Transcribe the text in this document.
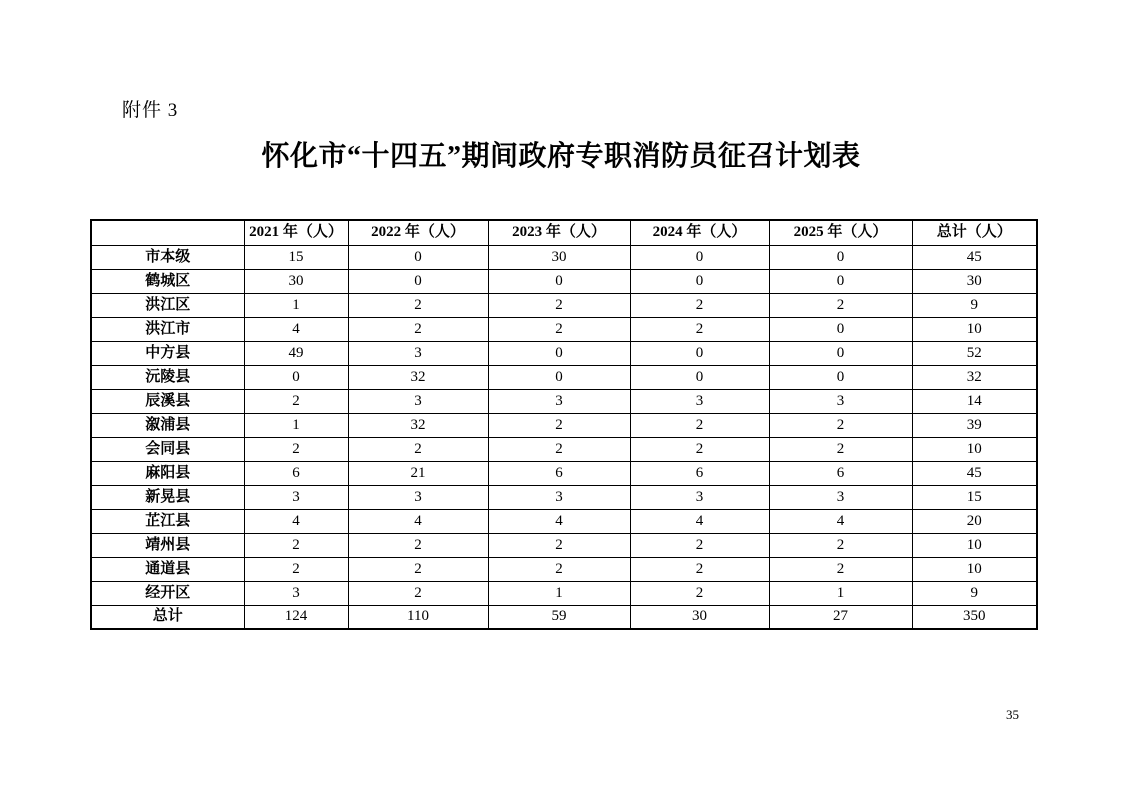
附件 3
怀化市“十四五”期间政府专职消防员征召计划表
	2021 年（人）	2022 年（人）	2023 年（人）	2024 年（人）	2025 年（人）	总计（人）
市本级	15	0	30	0	0	45
鹤城区	30	0	0	0	0	30
洪江区	1	2	2	2	2	9
洪江市	4	2	2	2	0	10
中方县	49	3	0	0	0	52
沅陵县	0	32	0	0	0	32
辰溪县	2	3	3	3	3	14
溆浦县	1	32	2	2	2	39
会同县	2	2	2	2	2	10
麻阳县	6	21	6	6	6	45
新晃县	3	3	3	3	3	15
芷江县	4	4	4	4	4	20
靖州县	2	2	2	2	2	10
通道县	2	2	2	2	2	10
经开区	3	2	1	2	1	9
总计	124	110	59	30	27	350
35
